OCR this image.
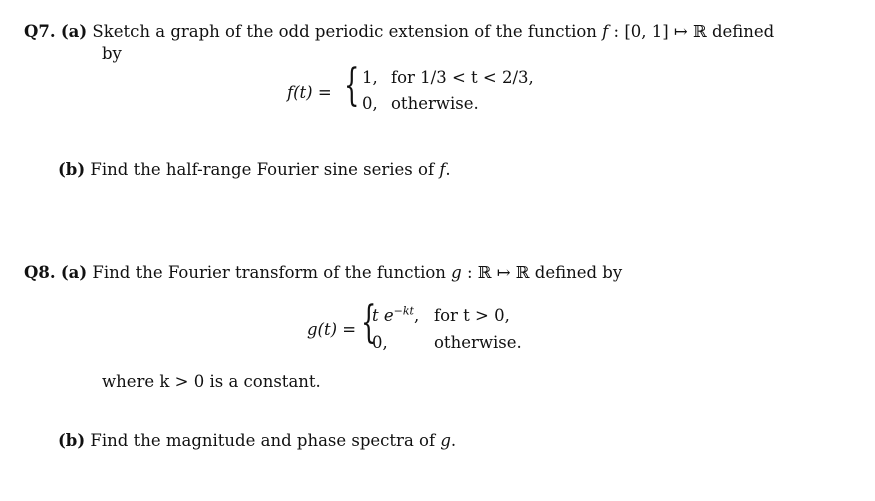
Q7. (a) Sketch a graph of the odd periodic extension of the function f : [0, 1] ↦ ℝ defined
by
f(t) = { 1, for 1/3 < t < 2/3,
0, otherwise.
(b) Find the half-range Fourier sine series of f.
Q8. (a) Find the Fourier transform of the function g : ℝ ↦ ℝ defined by
g(t) = {
t $e^{-kt}$, for t > 0,
0,	otherwise.
where k > 0 is a constant.
(b) Find the magnitude and phase spectra of g.
